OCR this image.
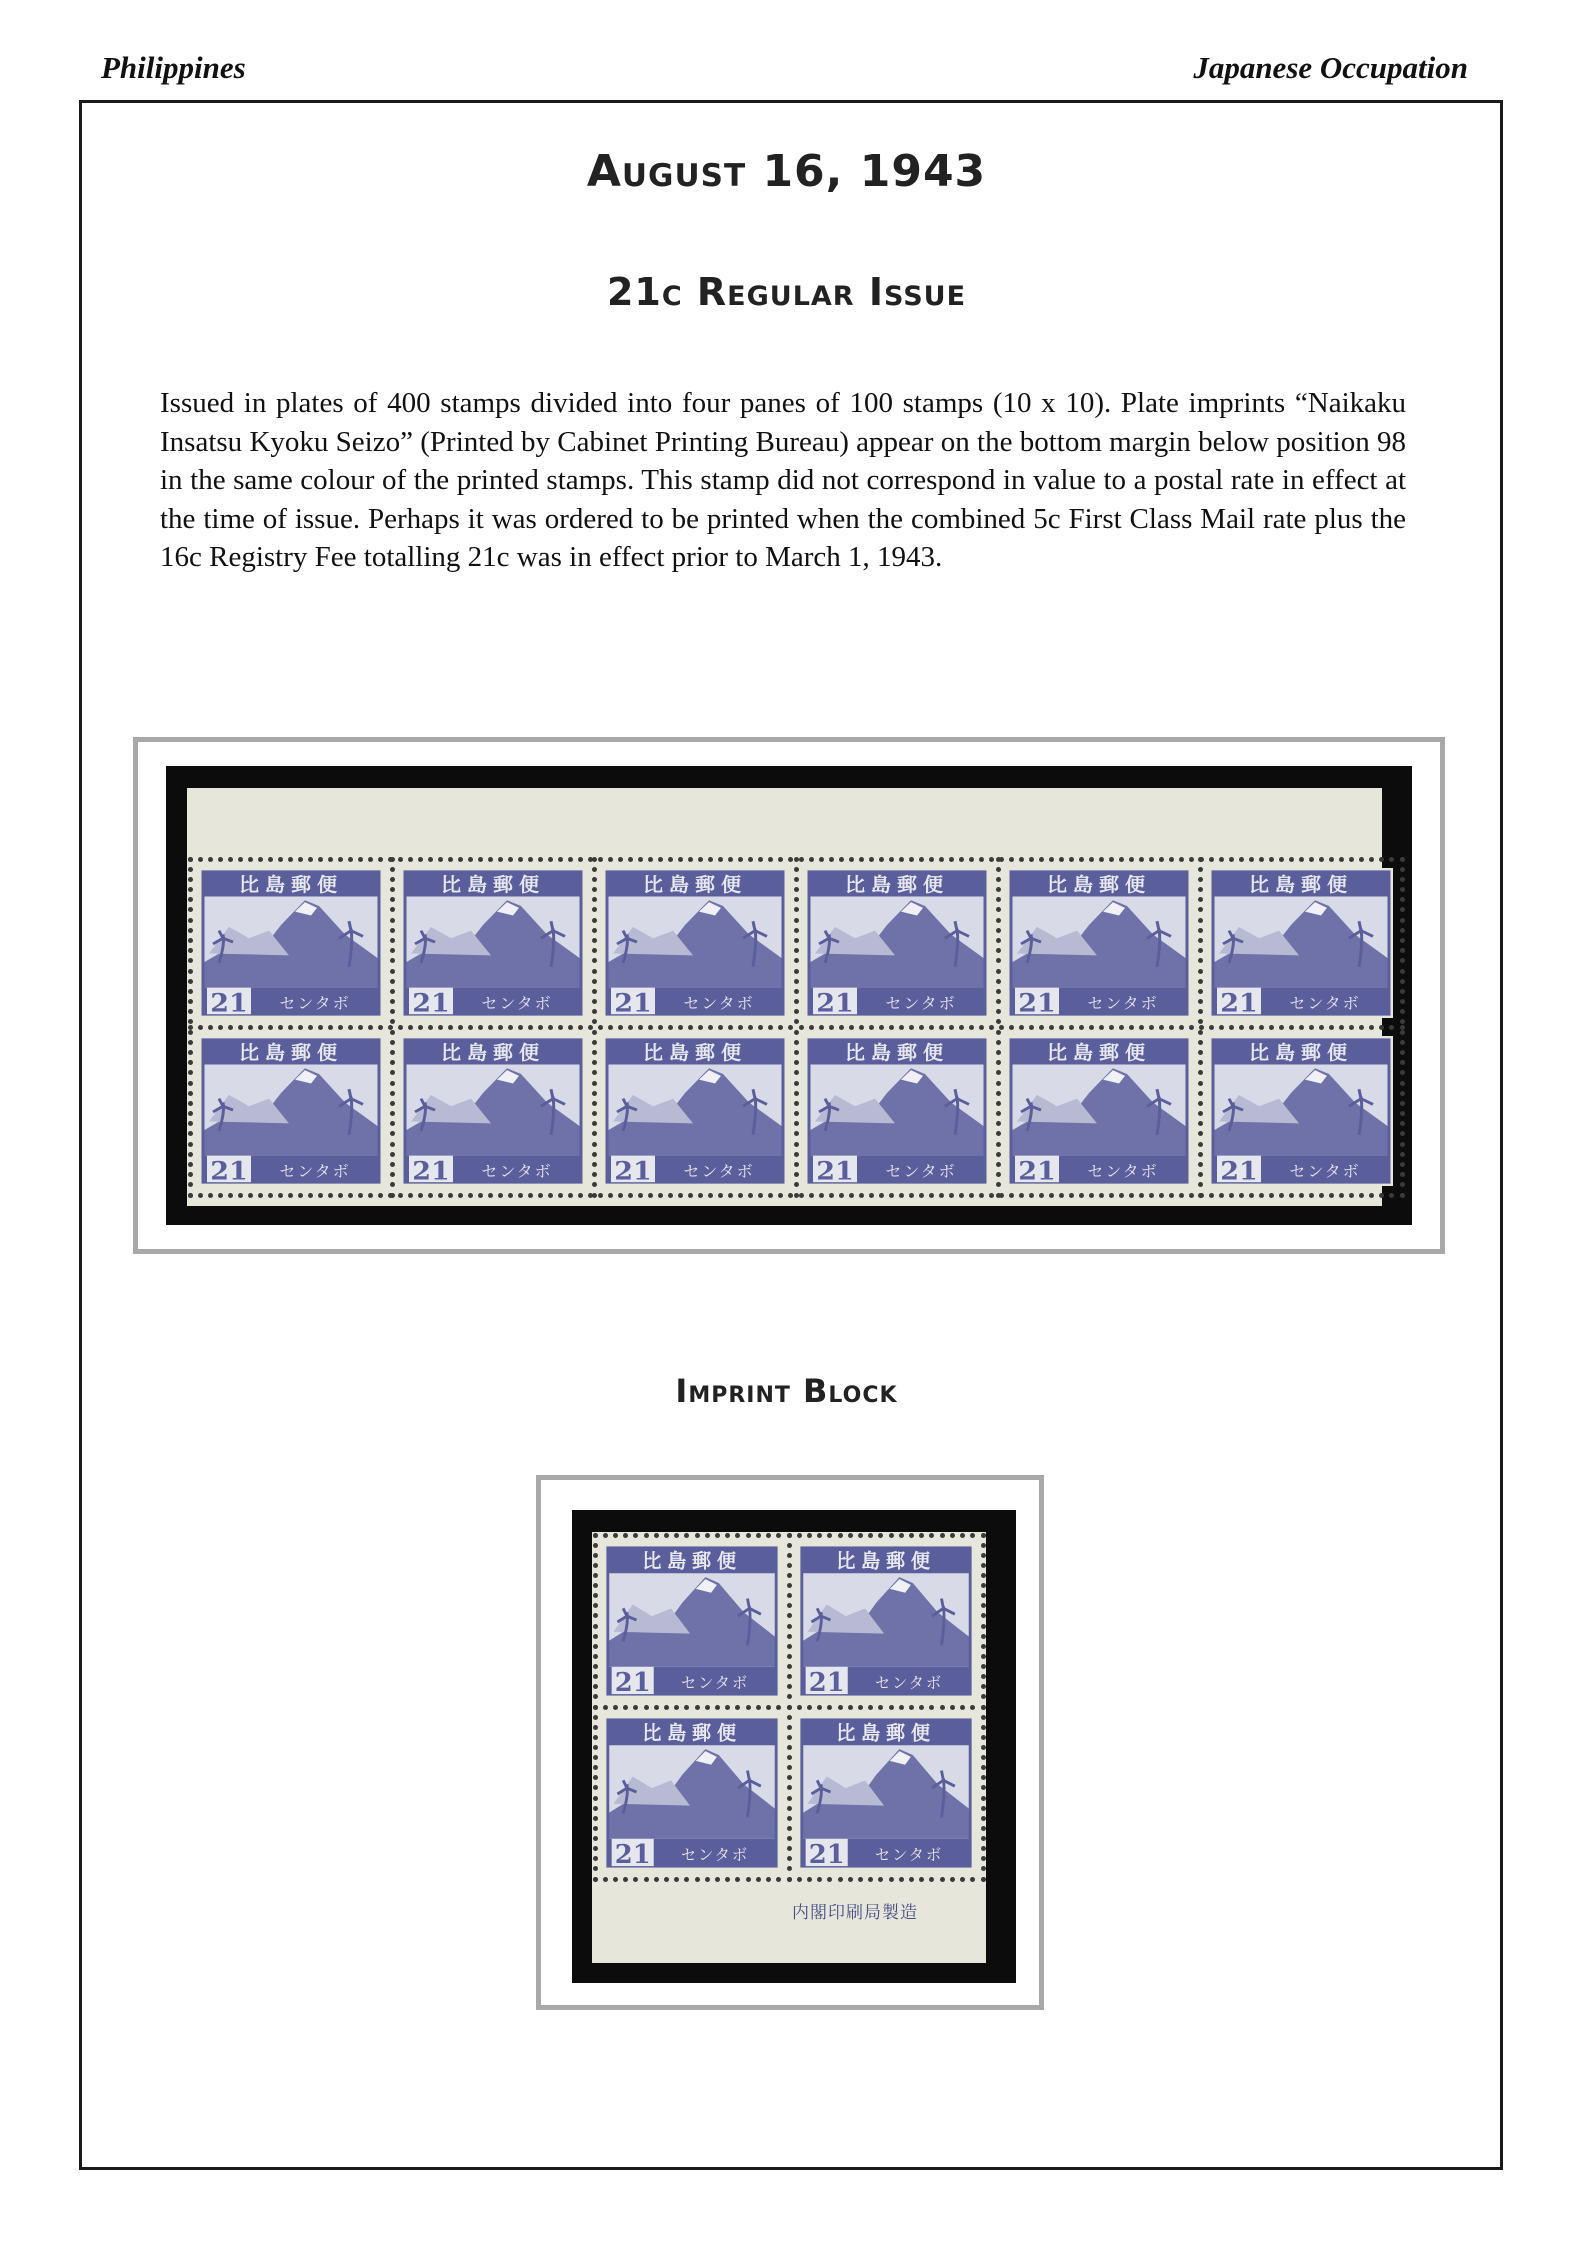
Philippines	Japanese Occupation
August 16, 1943
21c Regular Issue
Issued in plates of 400 stamps divided into four panes of 100 stamps (10 x 10). Plate imprints “Naikaku Insatsu Kyoku Seizo” (Printed by Cabinet Printing Bureau) appear on the bottom margin below position 98 in the same colour of the printed stamps. This stamp did not correspond in value to a postal rate in effect at the time of issue. Perhaps it was ordered to be printed when the combined 5c First Class Mail rate plus the 16c Registry Fee totalling 21c was in effect prior to March 1, 1943.
比島郵便
21 センタボ
比島郵便
21 センタボ
比島郵便
21 センタボ
比島郵便
21 センタボ
比島郵便
21 センタボ
比島郵便
21 センタボ
比島郵便
21 センタボ
比島郵便
21 センタボ
比島郵便
21 センタボ
比島郵便
21 センタボ
比島郵便
21 センタボ
比島郵便
21 センタボ
Imprint Block
比島郵便
21 センタボ
比島郵便
21 センタボ
比島郵便
21 センタボ
比島郵便
21 センタボ
内閣印刷局製造
